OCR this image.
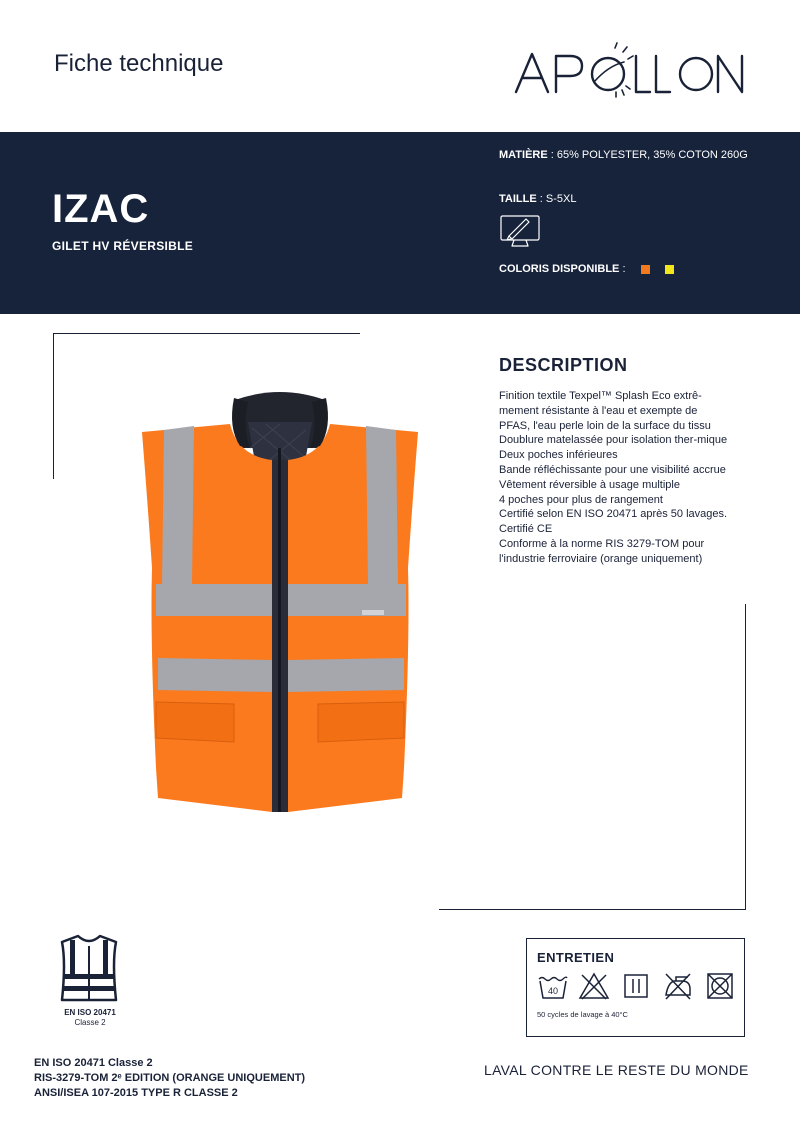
Fiche technique
IZAC
GILET HV RÉVERSIBLE
MATIÈRE : 65% POLYESTER, 35% COTON 260G
TAILLE : S-5XL
COLORIS DISPONIBLE :
DESCRIPTION
Finition textile Texpel™ Splash Eco extrê-mement résistante à l'eau et exempte de PFAS, l'eau perle loin de la surface du tissu
Doublure matelassée pour isolation ther-mique
Deux poches inférieures
Bande réfléchissante pour une visibilité accrue
Vêtement réversible à usage multiple
4 poches pour plus de rangement
Certifié selon EN ISO 20471 après 50 lavages.
Certifié CE
Conforme à la norme RIS 3279-TOM pour l'industrie ferroviaire (orange uniquement)
EN ISO 20471
Classe 2
ENTRETIEN
40
50 cycles de lavage à 40°C
EN ISO 20471 Classe 2
RIS-3279-TOM 2ᵉ EDITION (ORANGE UNIQUEMENT)
ANSI/ISEA 107-2015 TYPE R CLASSE 2
LAVAL CONTRE LE RESTE DU MONDE
